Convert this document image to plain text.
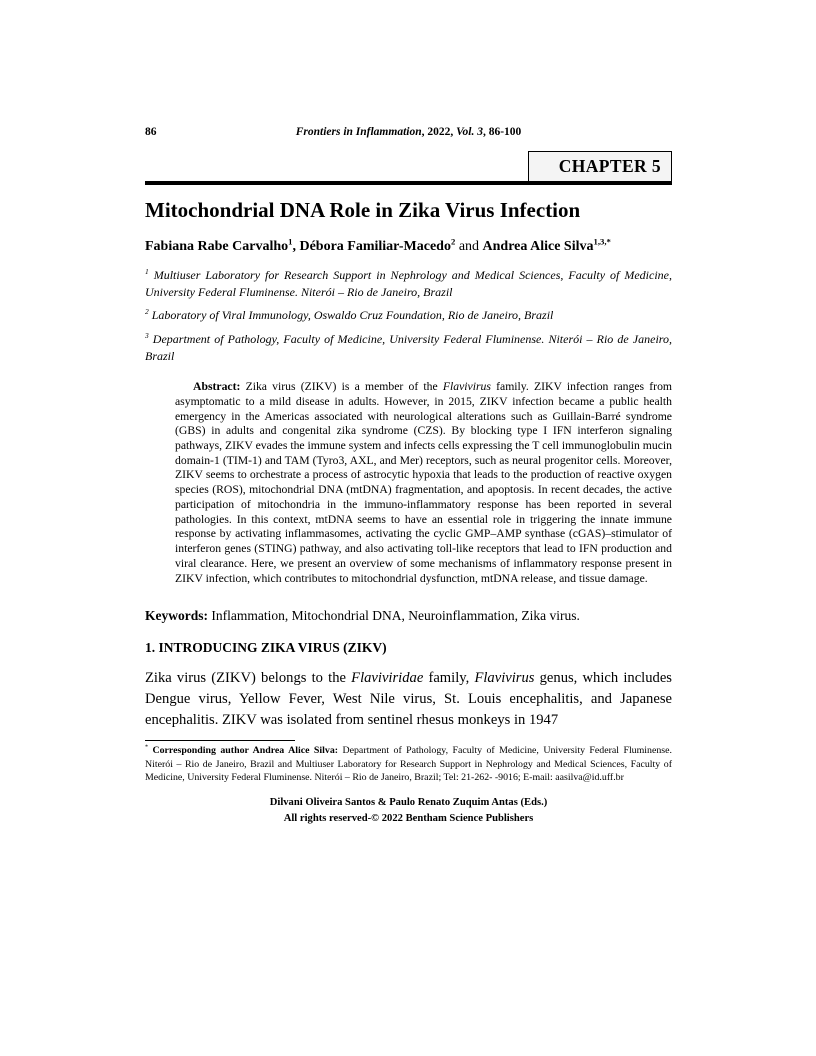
86	Frontiers in Inflammation, 2022, Vol. 3, 86-100
CHAPTER 5
Mitochondrial DNA Role in Zika Virus Infection

Fabiana Rabe Carvalho$^1$, Débora Familiar-Macedo$^2$ and Andrea Alice Silva$^{1,3,*}$

$^1$ Multiuser Laboratory for Research Support in Nephrology and Medical Sciences, Faculty of Medicine, University Federal Fluminense. Niterói – Rio de Janeiro, Brazil

$^2$ Laboratory of Viral Immunology, Oswaldo Cruz Foundation, Rio de Janeiro, Brazil

$^3$ Department of Pathology, Faculty of Medicine, University Federal Fluminense. Niterói – Rio de Janeiro, Brazil

Abstract: Zika virus (ZIKV) is a member of the Flavivirus family. ZIKV infection ranges from asymptomatic to a mild disease in adults. However, in 2015, ZIKV infection became a public health emergency in the Americas associated with neurological alterations such as Guillain-Barré syndrome (GBS) in adults and congenital zika syndrome (CZS). By blocking type I IFN interferon signaling pathways, ZIKV evades the immune system and infects cells expressing the T cell immunoglobulin mucin domain-1 (TIM-1) and TAM (Tyro3, AXL, and Mer) receptors, such as neural progenitor cells. Moreover, ZIKV seems to orchestrate a process of astrocytic hypoxia that leads to the production of reactive oxygen species (ROS), mitochondrial DNA (mtDNA) fragmentation, and apoptosis. In recent decades, the active participation of mitochondria in the immuno-inflammatory response has been reported in several pathologies. In this context, mtDNA seems to have an essential role in triggering the innate immune response by activating inflammasomes, activating the cyclic GMP–AMP synthase (cGAS)–stimulator of interferon genes (STING) pathway, and also activating toll-like receptors that lead to IFN production and viral clearance. Here, we present an overview of some mechanisms of inflammatory response present in ZIKV infection, which contributes to mitochondrial dysfunction, mtDNA release, and tissue damage.

Keywords: Inflammation, Mitochondrial DNA, Neuroinflammation, Zika virus.

1. INTRODUCING ZIKA VIRUS (ZIKV)

Zika virus (ZIKV) belongs to the Flaviviridae family, Flavivirus genus, which includes Dengue virus, Yellow Fever, West Nile virus, St. Louis encephalitis, and Japanese encephalitis. ZIKV was isolated from sentinel rhesus monkeys in 1947

* Corresponding author Andrea Alice Silva: Department of Pathology, Faculty of Medicine, University Federal Fluminense. Niterói – Rio de Janeiro, Brazil and Multiuser Laboratory for Research Support in Nephrology and Medical Sciences, Faculty of Medicine, University Federal Fluminense. Niterói – Rio de Janeiro, Brazil; Tel: 21-262- -9016; E-mail: aasilva@id.uff.br

Dilvani Oliveira Santos & Paulo Renato Zuquim Antas (Eds.)
All rights reserved-© 2022 Bentham Science Publishers
